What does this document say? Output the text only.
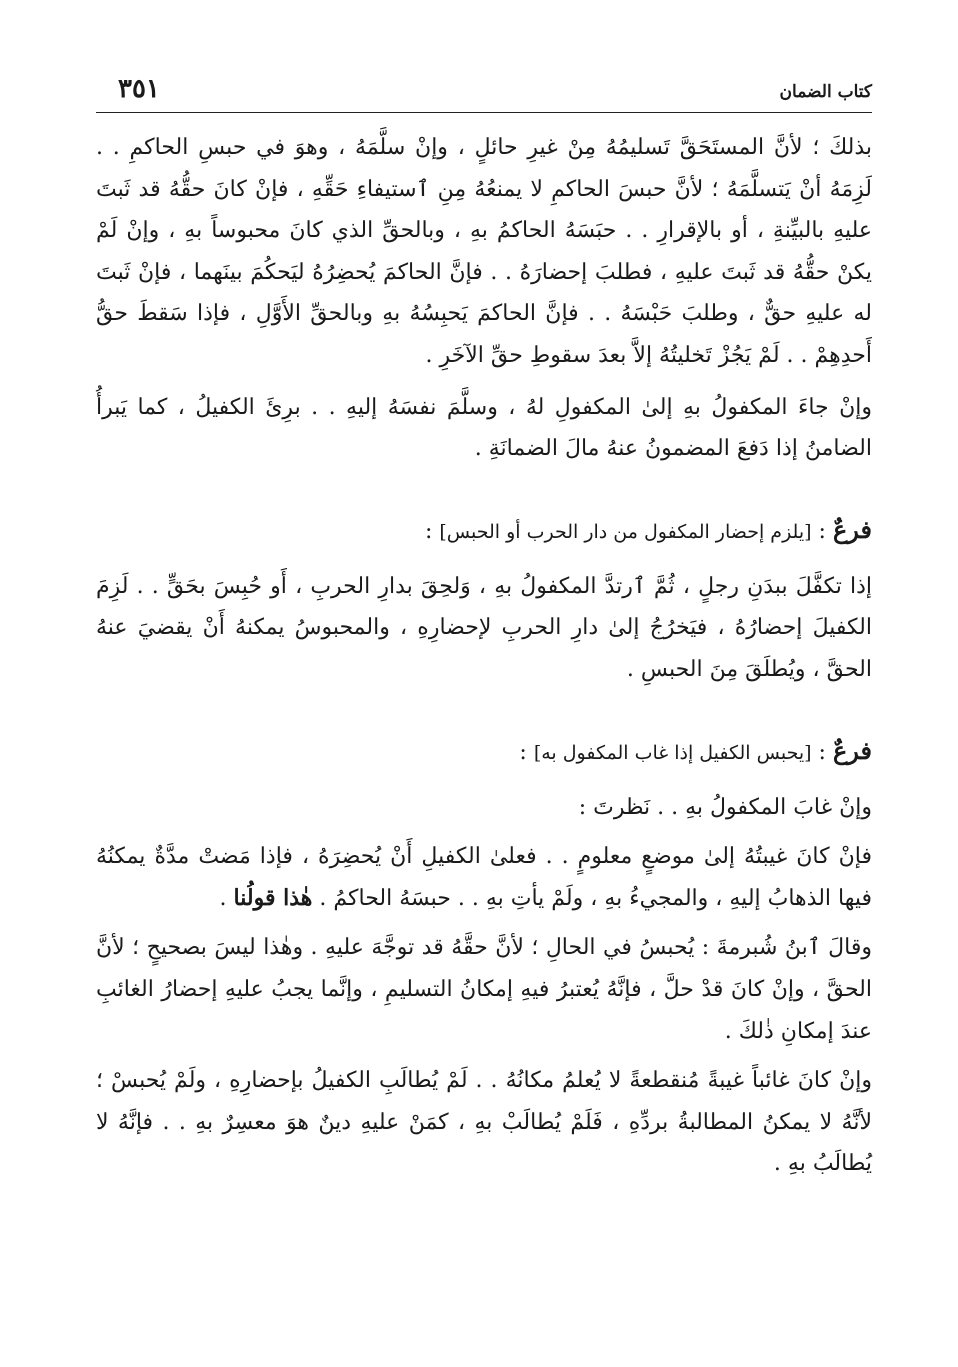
كتاب الضمان
٣٥١

بذلكَ ؛ لأنَّ المستَحَقَّ تَسليمُهُ مِنْ غيرِ حائلٍ ، وإنْ سلَّمَهُ ، وهوَ في حبسِ الحاكمِ . . لَزِمَهُ أنْ يَتسلَّمَهُ ؛ لأنَّ حبسَ الحاكمِ لا يمنعُهُ مِنِ ٱستيفاءِ حَقِّهِ ، فإنْ كانَ حقُّهُ قد ثَبتَ عليهِ بالبيِّنةِ ، أو بالإقرارِ . . حبَسَهُ الحاكمُ بهِ ، وبالحقِّ الذي كانَ محبوساً بهِ ، وإنْ لَمْ يكنْ حقُّهُ قد ثَبتَ عليهِ ، فطلبَ إحضارَهُ . . فإنَّ الحاكمَ يُحضِرُهُ ليَحكُمَ بينَهما ، فإنْ ثَبتَ له عليهِ حقٌّ ، وطلبَ حَبْسَهُ . . فإنَّ الحاكمَ يَحبِسُهُ بهِ وبالحقِّ الأَوَّلِ ، فإذا سَقطَ حقُّ أَحدِهِمْ . . لَمْ يَجُزْ تَخليتُهُ إلاَّ بعدَ سقوطِ حقِّ الآخَرِ .

وإنْ جاءَ المكفولُ بهِ إلىٰ المكفولِ لهُ ، وسلَّمَ نفسَهُ إليهِ . . برِئَ الكفيلُ ، كما يَبرأُ الضامنُ إذا دَفعَ المضمونُ عنهُ مالَ الضمانَةِ .

فرعٌ : [يلزم إحضار المكفول من دار الحرب أو الحبس] :

إذا تكفَّلَ ببدَنِ رجلٍ ، ثُمَّ ٱرتدَّ المكفولُ بهِ ، وَلحِقَ بدارِ الحربِ ، أَو حُبِسَ بحَقٍّ . . لَزِمَ الكفيلَ إحضارُهُ ، فيَخرُجُ إلىٰ دارِ الحربِ لإحضارِهِ ، والمحبوسُ يمكنهُ أَنْ يقضيَ عنهُ الحقَّ ، ويُطلَقَ مِنَ الحبسِ .

فرعٌ : [يحبس الكفيل إذا غاب المكفول به] :

وإنْ غابَ المكفولُ بهِ . . نَظرتَ :

فإنْ كانَ غيبتُهُ إلىٰ موضعٍ معلومٍ . . فعلىٰ الكفيلِ أَنْ يُحضِرَهُ ، فإذا مَضتْ مدَّةٌ يمكنُهُ فيها الذهابُ إليهِ ، والمجيءُ بهِ ، ولَمْ يأتِ بهِ . . حبسَهُ الحاكمُ . هٰذا قولُنا .

وقالَ ٱبنُ شُبرمةَ : يُحبسُ في الحالِ ؛ لأنَّ حقَّهُ قد توجَّهَ عليهِ . وهٰذا ليسَ بصحيحٍ ؛ لأنَّ الحقَّ ، وإنْ كانَ قدْ حلَّ ، فإنَّهُ يُعتبرُ فيهِ إمكانُ التسليمِ ، وإنَّما يجبُ عليهِ إحضارُ الغائبِ عندَ إمكانِ ذٰلكَ .

وإنْ كانَ غائباً غيبةً مُنقطعةً لا يُعلمُ مكانُهُ . . لَمْ يُطالَبِ الكفيلُ بإحضارِهِ ، ولَمْ يُحبسْ ؛ لأنَّهُ لا يمكنُ المطالبةُ بردِّهِ ، فَلَمْ يُطالَبْ بهِ ، كمَنْ عليهِ دينٌ هوَ معسِرٌ بهِ . . فإنَّهُ لا يُطالَبُ بهِ .
